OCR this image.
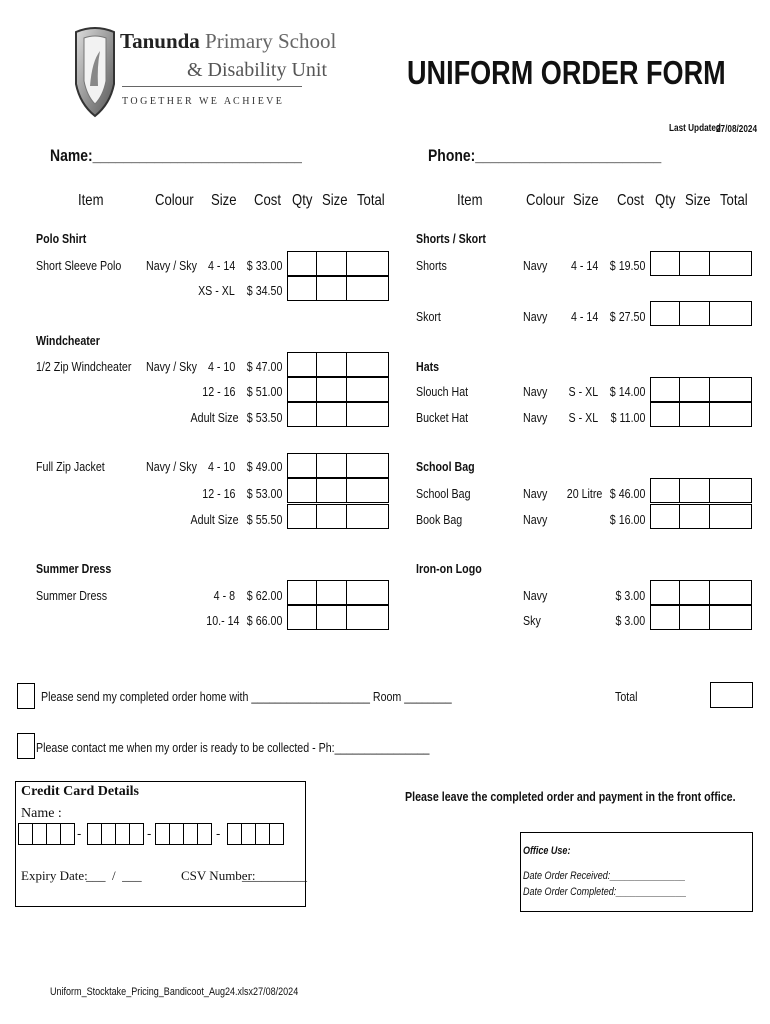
Tanunda Primary School
& Disability Unit
T O G E T H E R   W E   A C H I E V E
UNIFORM ORDER FORM
Last Updated
27/08/2024
Name:___________________________	Phone:________________________
Item	Colour Size Cost Qty Size Total	Item	Colour Size Cost Qty Size Total
Polo Shirt
Short Sleeve Polo Navy / Sky 4 - 14 $ 33.00
XS - XL $ 34.50
Windcheater
1/2 Zip Windcheater Navy / Sky 4 - 10 $ 47.00
12 - 16 $ 51.00
Adult Size $ 53.50
Full Zip Jacket	Navy / Sky 4 - 10 $ 49.00
12 - 16 $ 53.00
Adult Size $ 55.50
Summer Dress
Summer Dress	4 - 8 $ 62.00
10.- 14 $ 66.00
Shorts / Skort
Shorts	Navy 4 - 14 $ 19.50
Skort	Navy 4 - 14 $ 27.50
Hats
Slouch Hat	Navy S - XL $ 14.00
Bucket Hat	Navy S - XL $ 11.00
School Bag
School Bag	Navy 20 Litre $ 46.00
Book Bag	Navy	$ 16.00
Iron-on Logo
Navy	$ 3.00
Sky	$ 3.00
Please send my completed order home with ____________________ Room ________	Total
Please contact me when my order is ready to be collected - Ph:________________
Credit Card Details
Name :
-	-	-
Expiry Date:
___  /  ___	CSV Number:
__________
Please leave the completed order and payment in the front office.
Office Use:
Date Order Received:_______________
Date Order Completed:______________
Uniform_Stocktake_Pricing_Bandicoot_Aug24.xlsx27/08/2024
